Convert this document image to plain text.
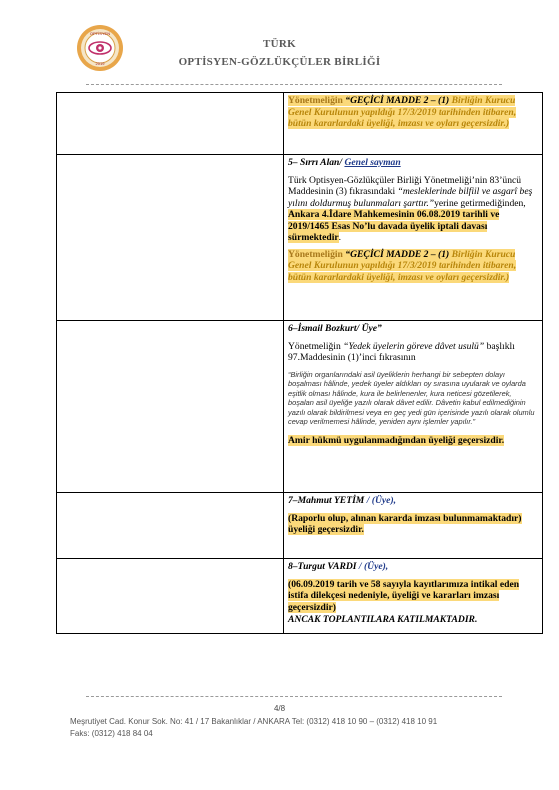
OPTİSYEN
2019
TÜRK
OPTİSYEN-GÖZLÜKÇÜLER BİRLİĞİ

	Yönetmeliğin “GEÇİCİ MADDE 2 – (1) Birliğin Kurucu Genel Kurulunun yapıldığı 17/3/2019 tarihinden itibaren, bütün kararlardaki üyeliği, imzası ve oyları geçersizdir.)

	5– Sırrı Alan/ Genel sayman

Türk Optisyen-Gözlükçüler Birliği Yönetmeliği’nin 83’üncü Maddesinin (3) fıkrasındaki “mesleklerinde bilfiil ve asgarî beş yılını doldurmuş bulunmaları şarttır.”yerine getirmediğinden, Ankara 4.İdare Mahkemesinin 06.08.2019 tarihli ve 2019/1465 Esas No’lu davada üyelik iptali davası sürmektedir.

Yönetmeliğin “GEÇİCİ MADDE 2 – (1) Birliğin Kurucu Genel Kurulunun yapıldığı 17/3/2019 tarihinden itibaren, bütün kararlardaki üyeliği, imzası ve oyları geçersizdir.)

	6–İsmail Bozkurt/ Üye”

Yönetmeliğin “Yedek üyelerin göreve dâvet usulü” başlıklı 97.Maddesinin (1)’inci fıkrasının

“Birliğin organlarındaki asil üyeliklerin herhangi bir sebepten dolayı boşalması hâlinde, yedek üyeler aldıkları oy sırasına uyularak ve oylarda eşitlik olması hâlinde, kura ile belirlenenler, kura neticesi gözetilerek, boşalan asil üyeliğe yazılı olarak dâvet edilir. Dâvetin kabul edilmediğinin yazılı olarak bildirilmesi veya en geç yedi gün içerisinde yazılı olarak olumlu cevap verilmemesi hâlinde, yeniden aynı işlemler yapılır.”

Amir hükmü uygulanmadığından üyeliği geçersizdir.

	7–Mahmut YETİM / (Üye),

(Raporlu olup, alınan kararda imzası bulunmamaktadır)

üyeliği geçersizdir.

	8–Turgut VARDI / (Üye),

(06.09.2019 tarih ve 58 sayıyla kayıtlarımıza intikal eden istifa dilekçesi nedeniyle, üyeliği ve kararları imzası geçersizdir)

ANCAK TOPLANTILARA KATILMAKTADIR.

4/8
Meşrutiyet Cad. Konur Sok. No: 41 / 17 Bakanlıklar / ANKARA Tel: (0312) 418 10 90 – (0312) 418 10 91
Faks: (0312) 418 84 04
